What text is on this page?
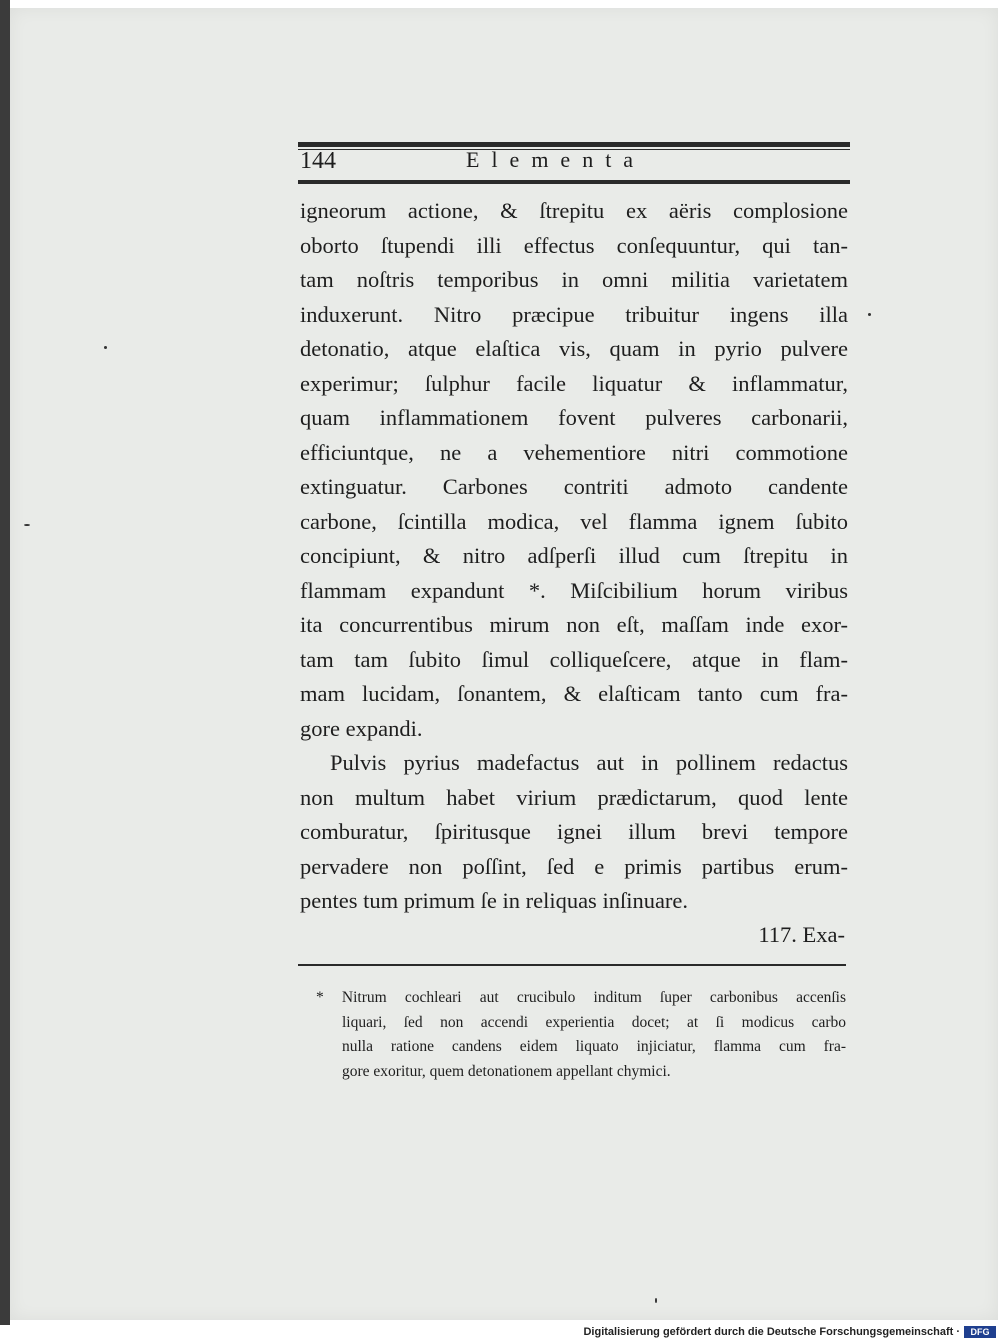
144	Elementa
igneorum actione, & ſtrepitu ex aëris complosione
oborto ſtupendi illi effectus conſequuntur, qui tan-
tam noſtris temporibus in omni militia varietatem
induxerunt. Nitro præcipue tribuitur ingens illa
detonatio, atque elaſtica vis, quam in pyrio pulvere
experimur; ſulphur facile liquatur & inflammatur,
quam inflammationem fovent pulveres carbonarii,
efficiuntque, ne a vehementiore nitri commotione
extinguatur. Carbones contriti admoto candente
carbone, ſcintilla modica, vel flamma ignem ſubito
concipiunt, & nitro adſperſi illud cum ſtrepitu in
flammam expandunt *. Miſcibilium horum viribus
ita concurrentibus mirum non eſt, maſſam inde exor-
tam tam ſubito ſimul colliqueſcere, atque in flam-
mam lucidam, ſonantem, & elaſticam tanto cum fra-
gore expandi.
Pulvis pyrius madefactus aut in pollinem redactus
non multum habet virium prædictarum, quod lente
comburatur, ſpiritusque ignei illum brevi tempore
pervadere non poſſint, ſed e primis partibus erum-
pentes tum primum ſe in reliquas inſinuare.
117. Exa-
* Nitrum cochleari aut crucibulo inditum ſuper carbonibus accenſis
liquari, ſed non accendi experientia docet; at ſi modicus carbo
nulla ratione candens eidem liquato injiciatur, flamma cum fra-
gore exoritur, quem detonationem appellant chymici.
Digitalisierung gefördert durch die Deutsche Forschungsgemeinschaft ·	DFG
